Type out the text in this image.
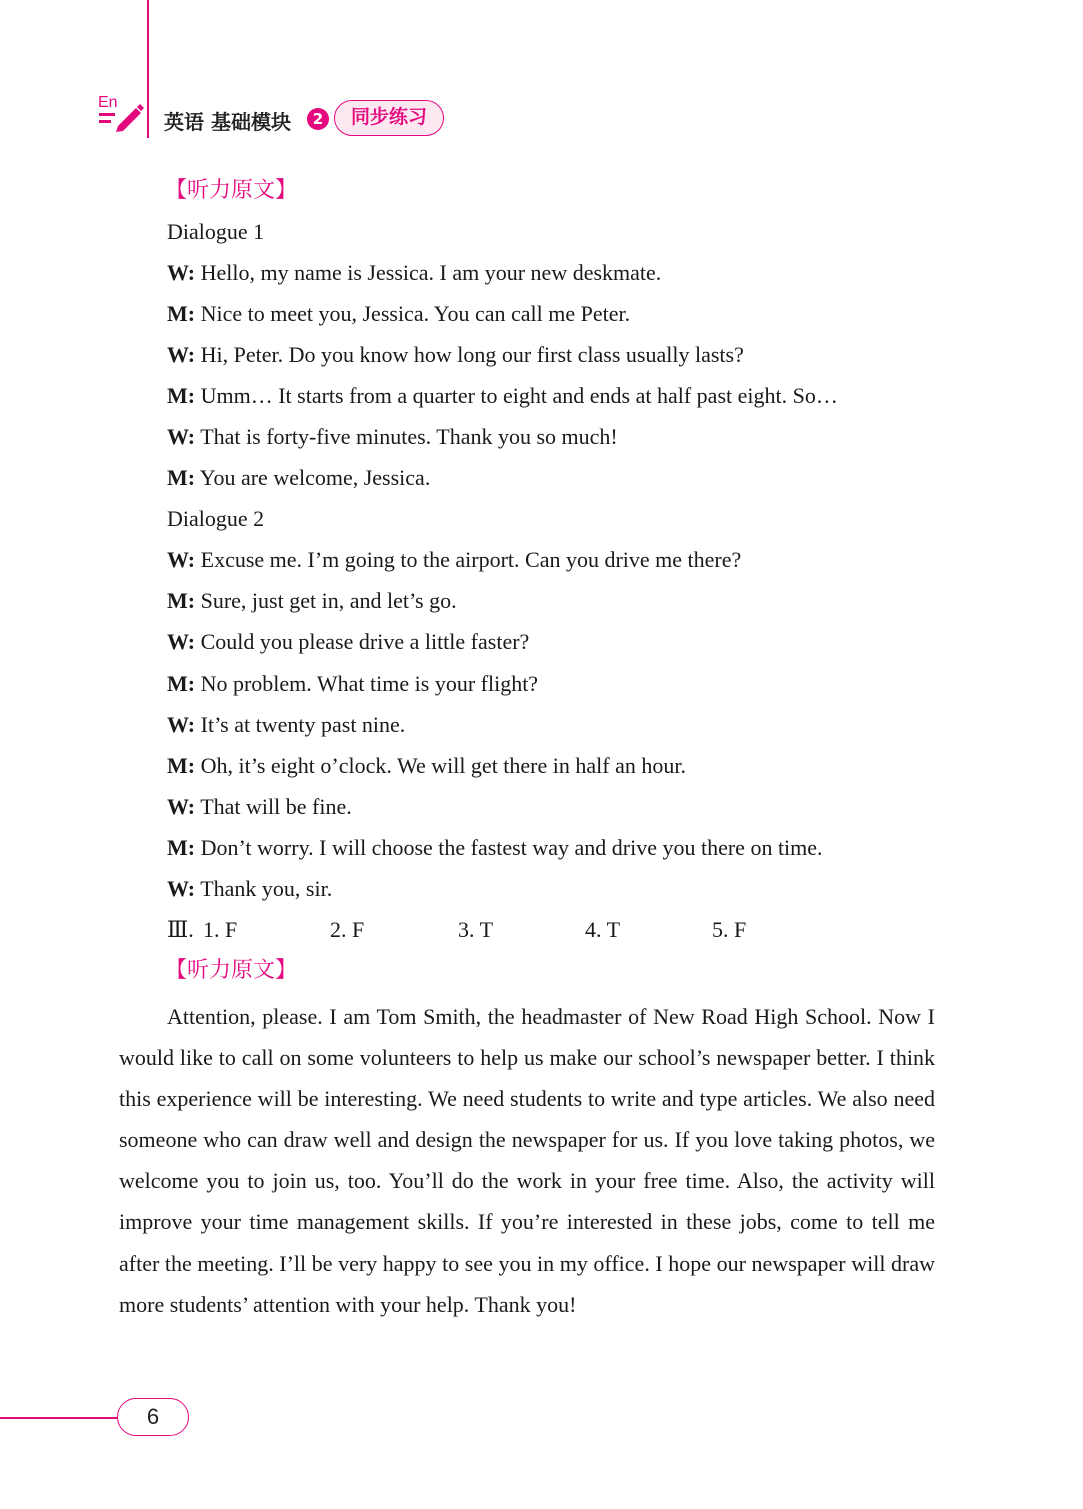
En
英语 基础模块	2	同步练习
【听力原文】
Dialogue 1
W: Hello, my name is Jessica. I am your new deskmate.
M: Nice to meet you, Jessica. You can call me Peter.
W: Hi, Peter. Do you know how long our first class usually lasts?
M: Umm… It starts from a quarter to eight and ends at half past eight. So…
W: That is forty-five minutes. Thank you so much!
M: You are welcome, Jessica.
Dialogue 2
W: Excuse me. I’m going to the airport. Can you drive me there?
M: Sure, just get in, and let’s go.
W: Could you please drive a little faster?
M: No problem. What time is your flight?
W: It’s at twenty past nine.
M: Oh, it’s eight o’clock. We will get there in half an hour.
W: That will be fine.
M: Don’t worry. I will choose the fastest way and drive you there on time.
W: Thank you, sir.
Ⅲ. 1. F	2. F	3. T	4. T	5. F
【听力原文】
Attention, please. I am Tom Smith, the headmaster of New Road High School. Now I would like to call on some volunteers to help us make our school’s newspaper better. I think this experience will be interesting. We need students to write and type articles. We also need someone who can draw well and design the newspaper for us. If you love taking photos, we welcome you to join us, too. You’ll do the work in your free time. Also, the activity will improve your time management skills. If you’re interested in these jobs, come to tell me after the meeting. I’ll be very happy to see you in my office. I hope our newspaper will draw more students’ attention with your help. Thank you!
6
